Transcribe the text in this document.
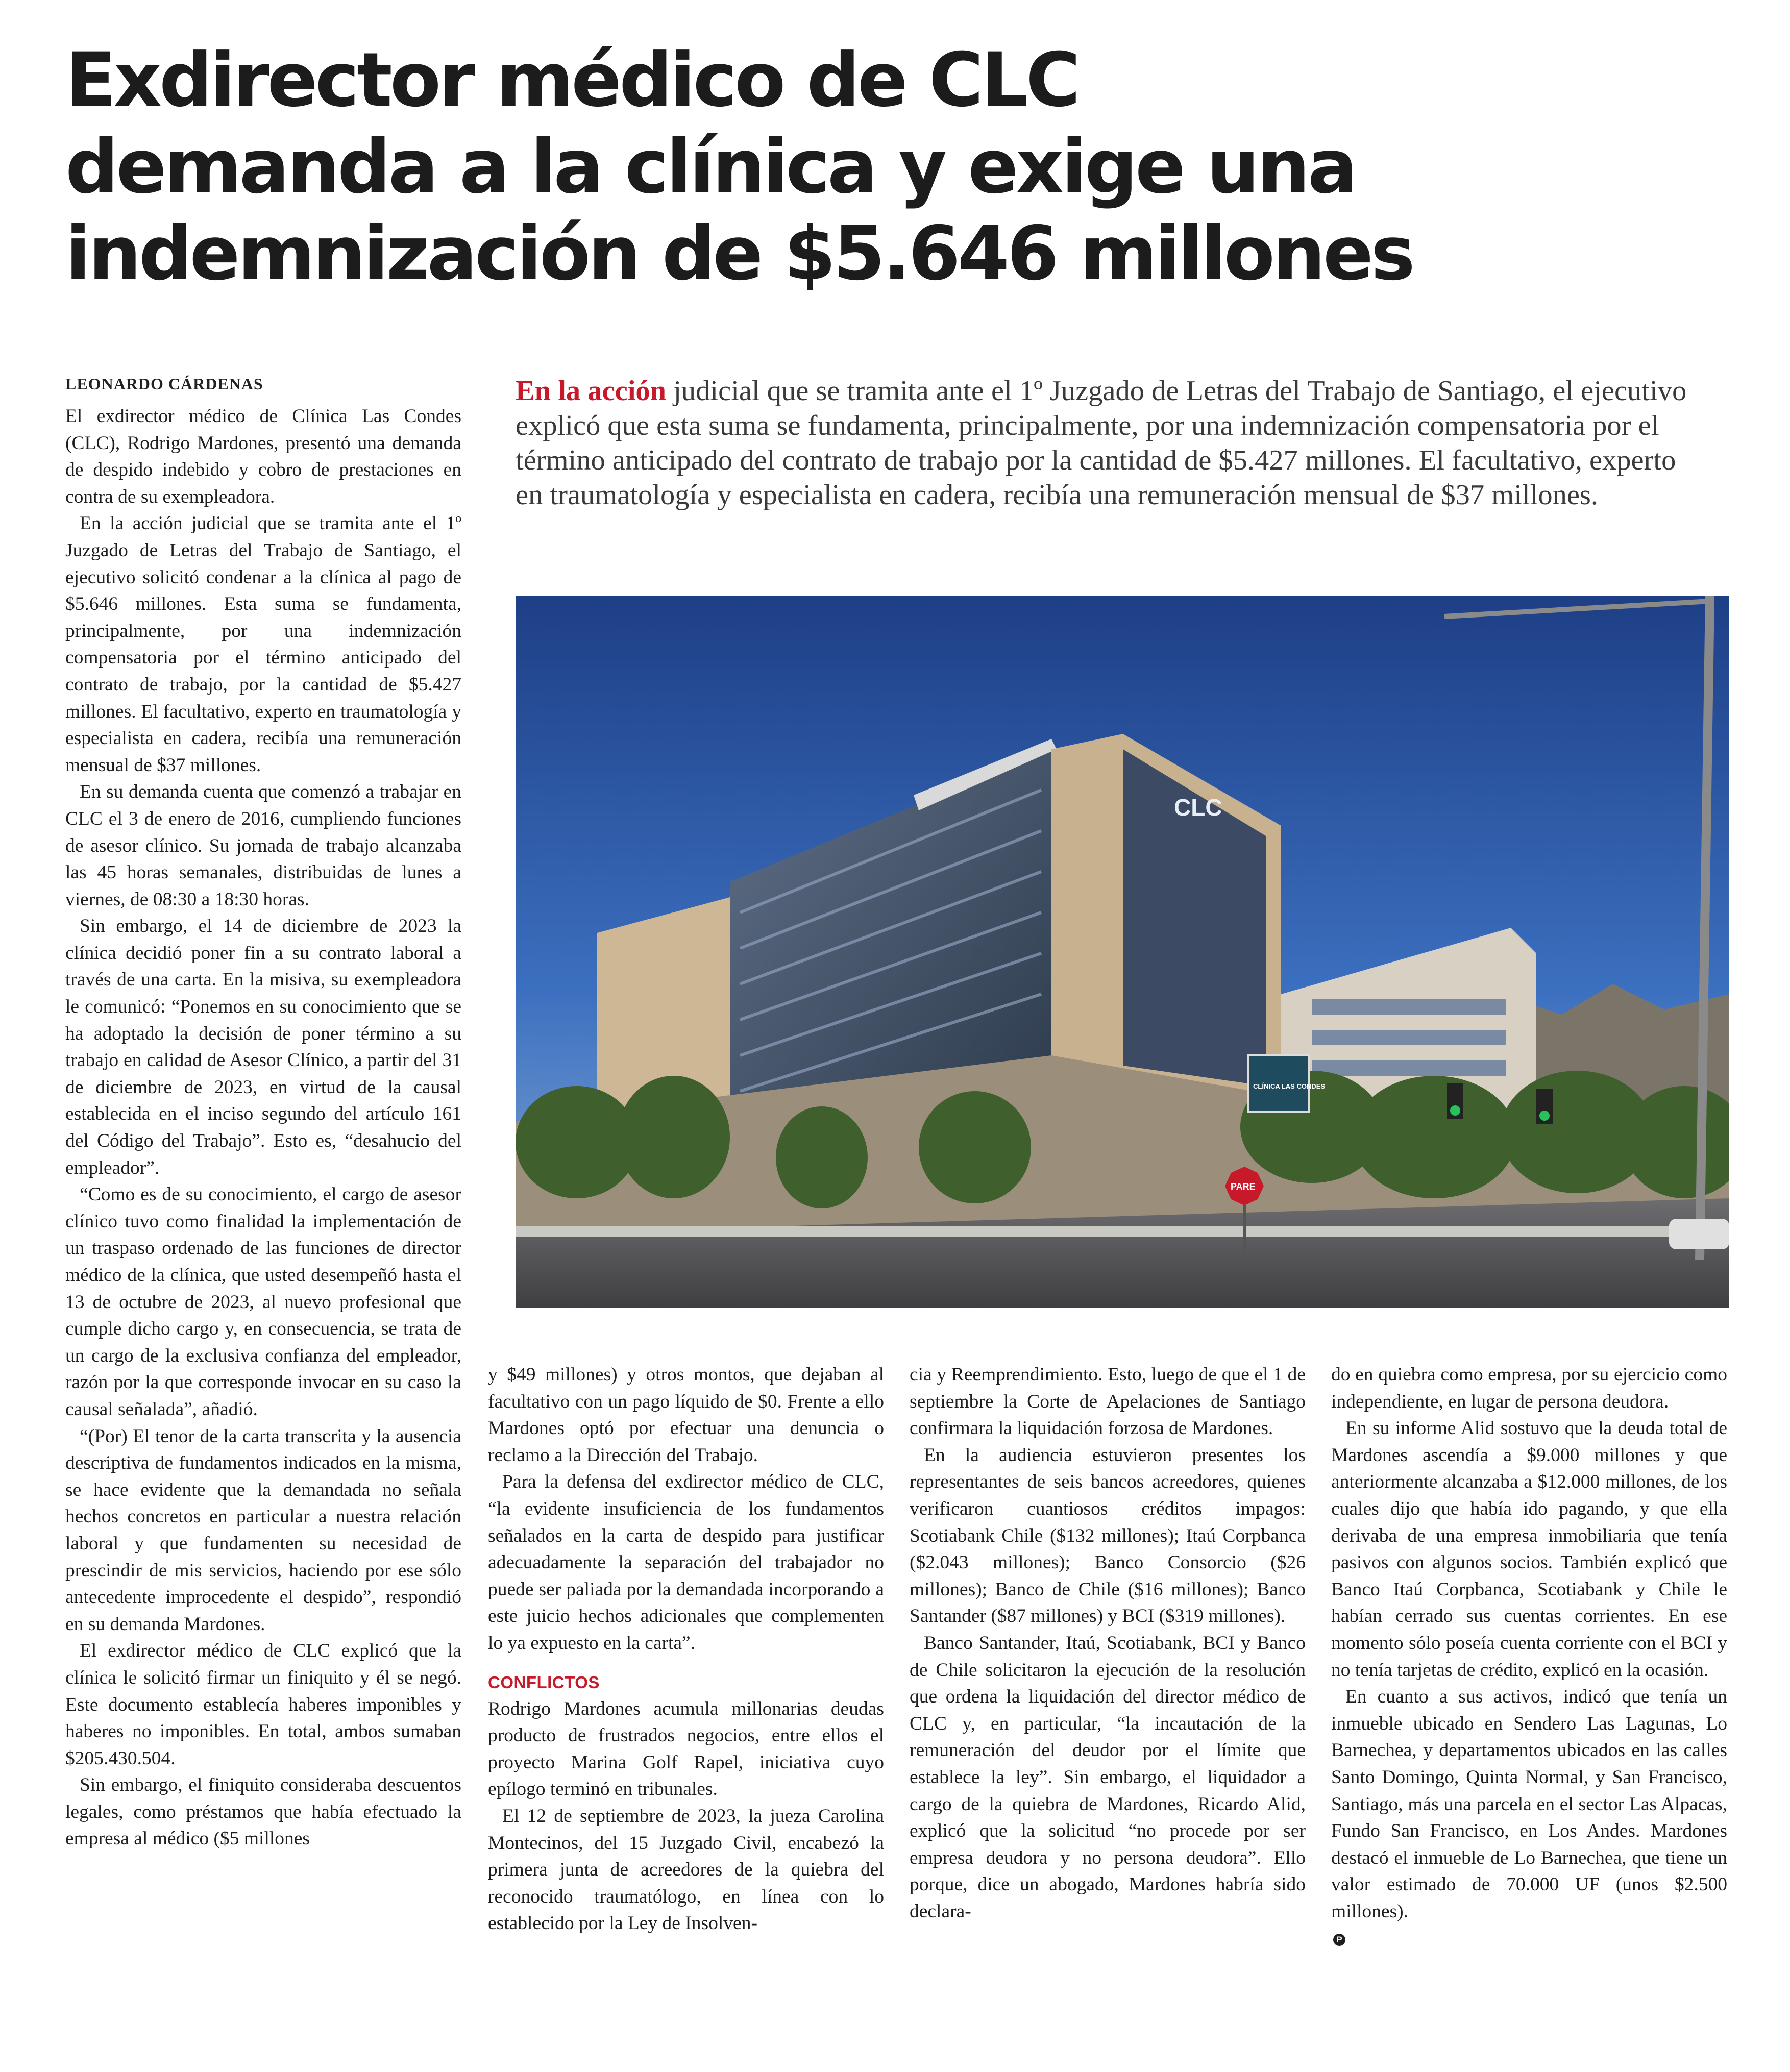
Exdirector médico de CLC
demanda a la clínica y exige una
indemnización de $5.646 millones
LEONARDO CÁRDENAS	En la acción judicial que se tramita ante el 1º Juzgado de Letras del Trabajo de Santiago, el ejecutivo explicó que esta suma se fundamenta, principalmente, por una indemnización compensatoria por el término anticipado del contrato de trabajo por la cantidad de $5.427 millones. El facultativo, experto en traumatología y especialista en cadera, recibía una remuneración mensual de $37 millones.
CLC
CLÍNICA LAS CONDES
PARE

El exdirector médico de Clínica Las Condes (CLC), Rodrigo Mardones, presentó una demanda de despido indebido y cobro de prestaciones en contra de su exempleadora.

En la acción judicial que se tramita ante el 1º Juzgado de Letras del Trabajo de Santiago, el ejecutivo solicitó condenar a la clínica al pago de $5.646 millones. Esta suma se fundamenta, principalmente, por una indemnización compensatoria por el término anticipado del contrato de trabajo, por la cantidad de $5.427 millones. El facultativo, experto en traumatología y especialista en cadera, recibía una remuneración mensual de $37 millones.

En su demanda cuenta que comenzó a trabajar en CLC el 3 de enero de 2016, cumpliendo funciones de asesor clínico. Su jornada de trabajo alcanzaba las 45 horas semanales, distribuidas de lunes a viernes, de 08:30 a 18:30 horas.

Sin embargo, el 14 de diciembre de 2023 la clínica decidió poner fin a su contrato laboral a través de una carta. En la misiva, su exempleadora le comunicó: “Ponemos en su conocimiento que se ha adoptado la decisión de poner término a su trabajo en calidad de Asesor Clínico, a partir del 31 de diciembre de 2023, en virtud de la causal establecida en el inciso segundo del artículo 161 del Código del Trabajo”. Esto es, “desahucio del empleador”.

“Como es de su conocimiento, el cargo de asesor clínico tuvo como finalidad la implementación de un traspaso ordenado de las funciones de director médico de la clínica, que usted desempeñó hasta el 13 de octubre de 2023, al nuevo profesional que cumple dicho cargo y, en consecuencia, se trata de un cargo de la exclusiva confianza del empleador, razón por la que corresponde invocar en su caso la causal señalada”, añadió.

“(Por) El tenor de la carta transcrita y la ausencia descriptiva de fundamentos indicados en la misma, se hace evidente que la demandada no señala hechos concretos en particular a nuestra relación laboral y que fundamenten su necesidad de prescindir de mis servicios, haciendo por ese sólo antecedente improcedente el despido”, respondió en su demanda Mardones.

El exdirector médico de CLC explicó que la clínica le solicitó firmar un finiquito y él se negó. Este documento establecía haberes imponibles y haberes no imponibles. En total, ambos sumaban $205.430.504.

Sin embargo, el finiquito consideraba descuentos legales, como préstamos que había efectuado la empresa al médico ($5 millones

y $49 millones) y otros montos, que dejaban al facultativo con un pago líquido de $0. Frente a ello Mardones optó por efectuar una denuncia o reclamo a la Dirección del Trabajo.

Para la defensa del exdirector médico de CLC, “la evidente insuficiencia de los fundamentos señalados en la carta de despido para justificar adecuadamente la separación del trabajador no puede ser paliada por la demandada incorporando a este juicio hechos adicionales que complementen lo ya expuesto en la carta”.

CONFLICTOS

Rodrigo Mardones acumula millonarias deudas producto de frustrados negocios, entre ellos el proyecto Marina Golf Rapel, iniciativa cuyo epílogo terminó en tribunales.

El 12 de septiembre de 2023, la jueza Carolina Montecinos, del 15 Juzgado Civil, encabezó la primera junta de acreedores de la quiebra del reconocido traumatólogo, en línea con lo establecido por la Ley de Insolven-

cia y Reemprendimiento. Esto, luego de que el 1 de septiembre la Corte de Apelaciones de Santiago confirmara la liquidación forzosa de Mardones.

En la audiencia estuvieron presentes los representantes de seis bancos acreedores, quienes verificaron cuantiosos créditos impagos: Scotiabank Chile ($132 millones); Itaú Corpbanca ($2.043 millones); Banco Consorcio ($26 millones); Banco de Chile ($16 millones); Banco Santander ($87 millones) y BCI ($319 millones).

Banco Santander, Itaú, Scotiabank, BCI y Banco de Chile solicitaron la ejecución de la resolución que ordena la liquidación del director médico de CLC y, en particular, “la incautación de la remuneración del deudor por el límite que establece la ley”. Sin embargo, el liquidador a cargo de la quiebra de Mardones, Ricardo Alid, explicó que la solicitud “no procede por ser empresa deudora y no persona deudora”. Ello porque, dice un abogado, Mardones habría sido declara-

do en quiebra como empresa, por su ejercicio como independiente, en lugar de persona deudora.

En su informe Alid sostuvo que la deuda total de Mardones ascendía a $9.000 millones y que anteriormente alcanzaba a $12.000 millones, de los cuales dijo que había ido pagando, y que ella derivaba de una empresa inmobiliaria que tenía pasivos con algunos socios. También explicó que Banco Itaú Corpbanca, Scotiabank y Chile le habían cerrado sus cuentas corrientes. En ese momento sólo poseía cuenta corriente con el BCI y no tenía tarjetas de crédito, explicó en la ocasión.

En cuanto a sus activos, indicó que tenía un inmueble ubicado en Sendero Las Lagunas, Lo Barnechea, y departamentos ubicados en las calles Santo Domingo, Quinta Normal, y San Francisco, Santiago, más una parcela en el sector Las Alpacas, Fundo San Francisco, en Los Andes. Mardones destacó el inmueble de Lo Barnechea, que tiene un valor estimado de 70.000 UF (unos $2.500 millones).

P
